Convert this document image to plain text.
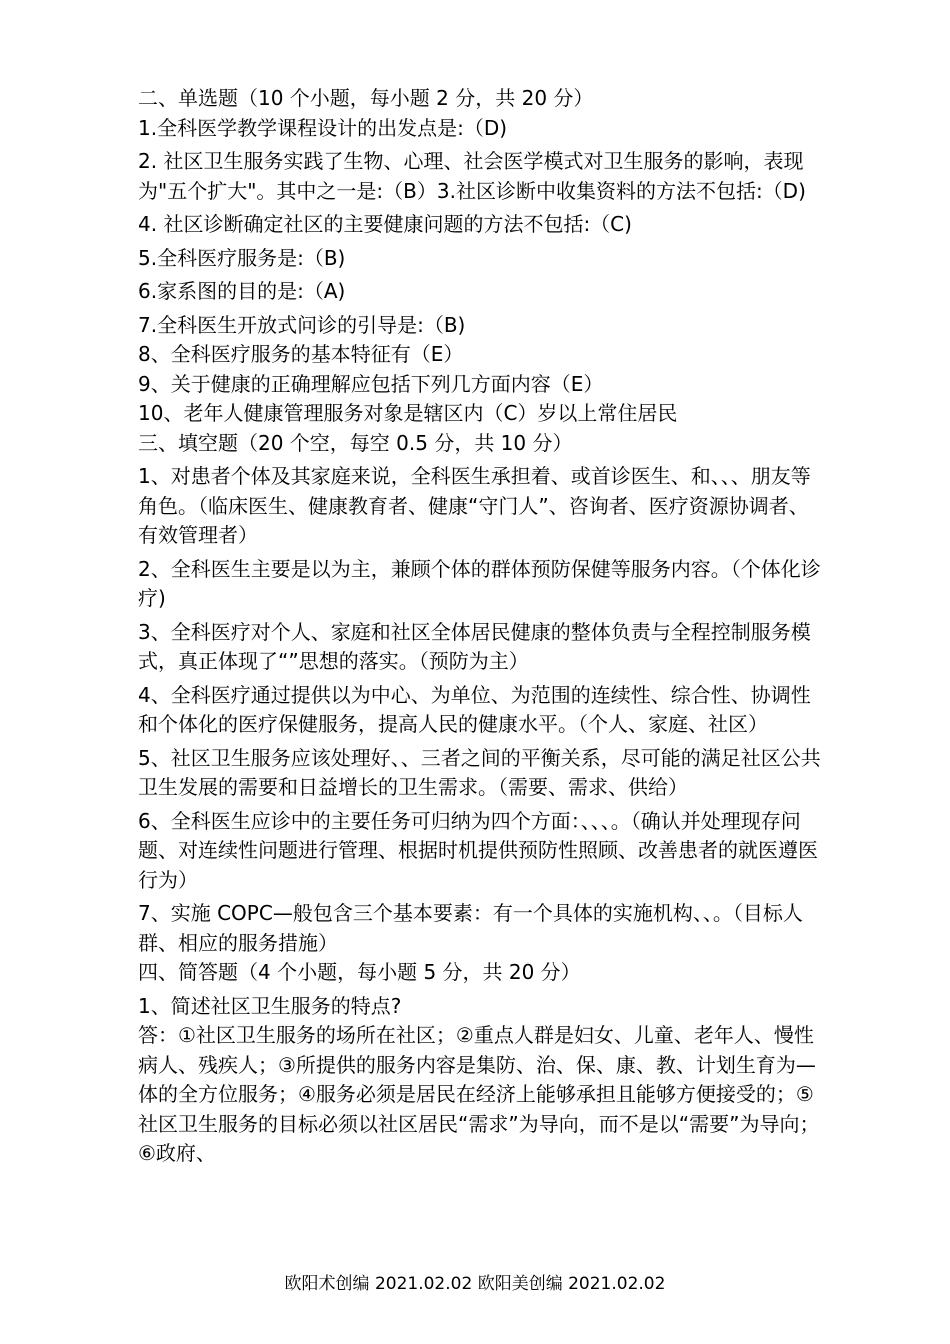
二、单选题（10 个小题，每小题 2 分，共 20 分）

1.全科医学教学课程设计的出发点是:（D)

2. 社区卫生服务实践了生物、心理、社会医学模式对卫生服务的影响，表现为"五个扩大"。其中之一是:（B）3.社区诊断中收集资料的方法不包括:（D)

4. 社区诊断确定社区的主要健康问题的方法不包括:（C)

5.全科医疗服务是:（B)

6.家系图的目的是:（A)

7.全科医生开放式问诊的引导是:（B)

8、全科医疗服务的基本特征有（E）

9、关于健康的正确理解应包括下列几方面内容（E）

10、老年人健康管理服务对象是辖区内（C）岁以上常住居民

三、填空题（20 个空，每空 0.5 分，共 10 分）

1、对患者个体及其家庭来说，全科医生承担着、或首诊医生、和、、、朋友等角色。（临床医生、健康教育者、健康“守门人”、咨询者、医疗资源协调者、有效管理者）

2、全科医生主要是以为主，兼顾个体的群体预防保健等服务内容。（个体化诊疗)

3、全科医疗对个人、家庭和社区全体居民健康的整体负责与全程控制服务模式，真正体现了“”思想的落实。（预防为主）

4、全科医疗通过提供以为中心、为单位、为范围的连续性、综合性、协调性和个体化的医疗保健服务，提高人民的健康水平。（个人、家庭、社区）

5、社区卫生服务应该处理好、、三者之间的平衡关系，尽可能的满足社区公共卫生发展的需要和日益增长的卫生需求。（需要、需求、供给）

6、全科医生应诊中的主要任务可归纳为四个方面：、、、。（确认并处理现存问题、对连续性问题进行管理、根据时机提供预防性照顾、改善患者的就医遵医行为）

7、实施 COPC—般包含三个基本要素：有一个具体的实施机构、、。（目标人群、相应的服务措施）

四、简答题（4 个小题，每小题 5 分，共 20 分）

1、简述社区卫生服务的特点?

答：①社区卫生服务的场所在社区；②重点人群是妇女、儿童、老年人、慢性病人、残疾人；③所提供的服务内容是集防、治、保、康、教、计划生育为—体的全方位服务；④服务必须是居民在经济上能够承担且能够方便接受的；⑤社区卫生服务的目标必须以社区居民“需求”为导向，而不是以“需要”为导向；⑥政府、

欧阳术创编 2021.02.02 欧阳美创编 2021.02.02
